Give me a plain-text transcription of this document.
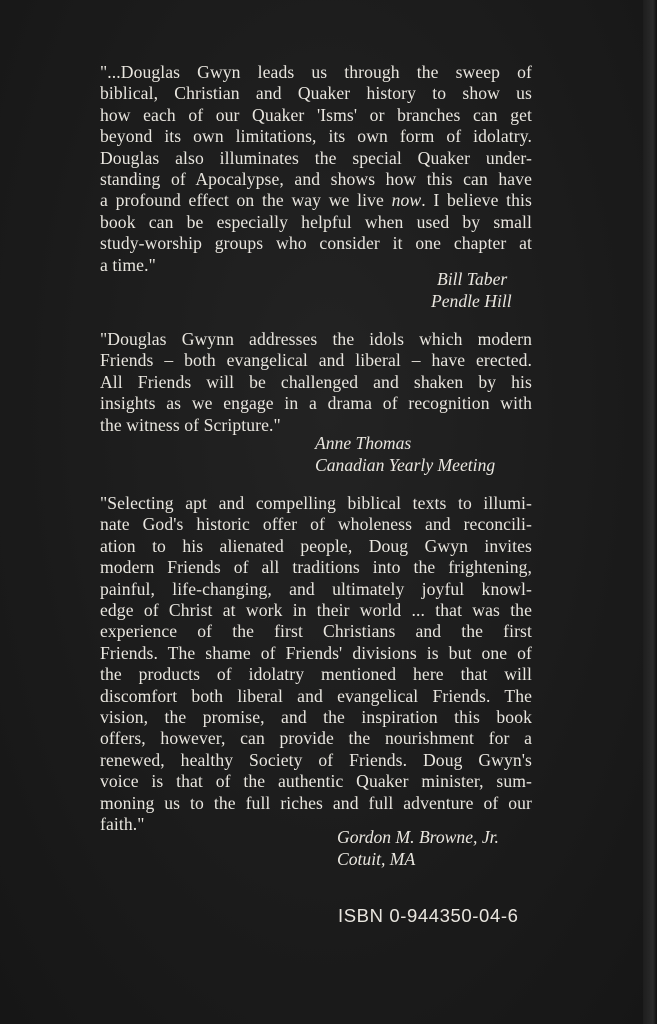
"...Douglas Gwyn leads us through the sweep of
biblical, Christian and Quaker history to show us
how each of our Quaker 'Isms' or branches can get
beyond its own limitations, its own form of idolatry.
Douglas also illuminates the special Quaker under-
standing of Apocalypse, and shows how this can have
a profound effect on the way we live now. I believe this
book can be especially helpful when used by small
study-worship groups who consider it one chapter at
a time."

Bill Taber

Pendle Hill

"Douglas Gwynn addresses the idols which modern
Friends – both evangelical and liberal – have erected.
All Friends will be challenged and shaken by his
insights as we engage in a drama of recognition with
the witness of Scripture."

Anne Thomas

Canadian Yearly Meeting

"Selecting apt and compelling biblical texts to illumi-
nate God's historic offer of wholeness and reconcili-
ation to his alienated people, Doug Gwyn invites
modern Friends of all traditions into the frightening,
painful, life-changing, and ultimately joyful knowl-
edge of Christ at work in their world ... that was the
experience of the first Christians and the first
Friends. The shame of Friends' divisions is but one of
the products of idolatry mentioned here that will
discomfort both liberal and evangelical Friends. The
vision, the promise, and the inspiration this book
offers, however, can provide the nourishment for a
renewed, healthy Society of Friends. Doug Gwyn's
voice is that of the authentic Quaker minister, sum-
moning us to the full riches and full adventure of our
faith."

Gordon M. Browne, Jr.

Cotuit, MA

ISBN 0-944350-04-6
